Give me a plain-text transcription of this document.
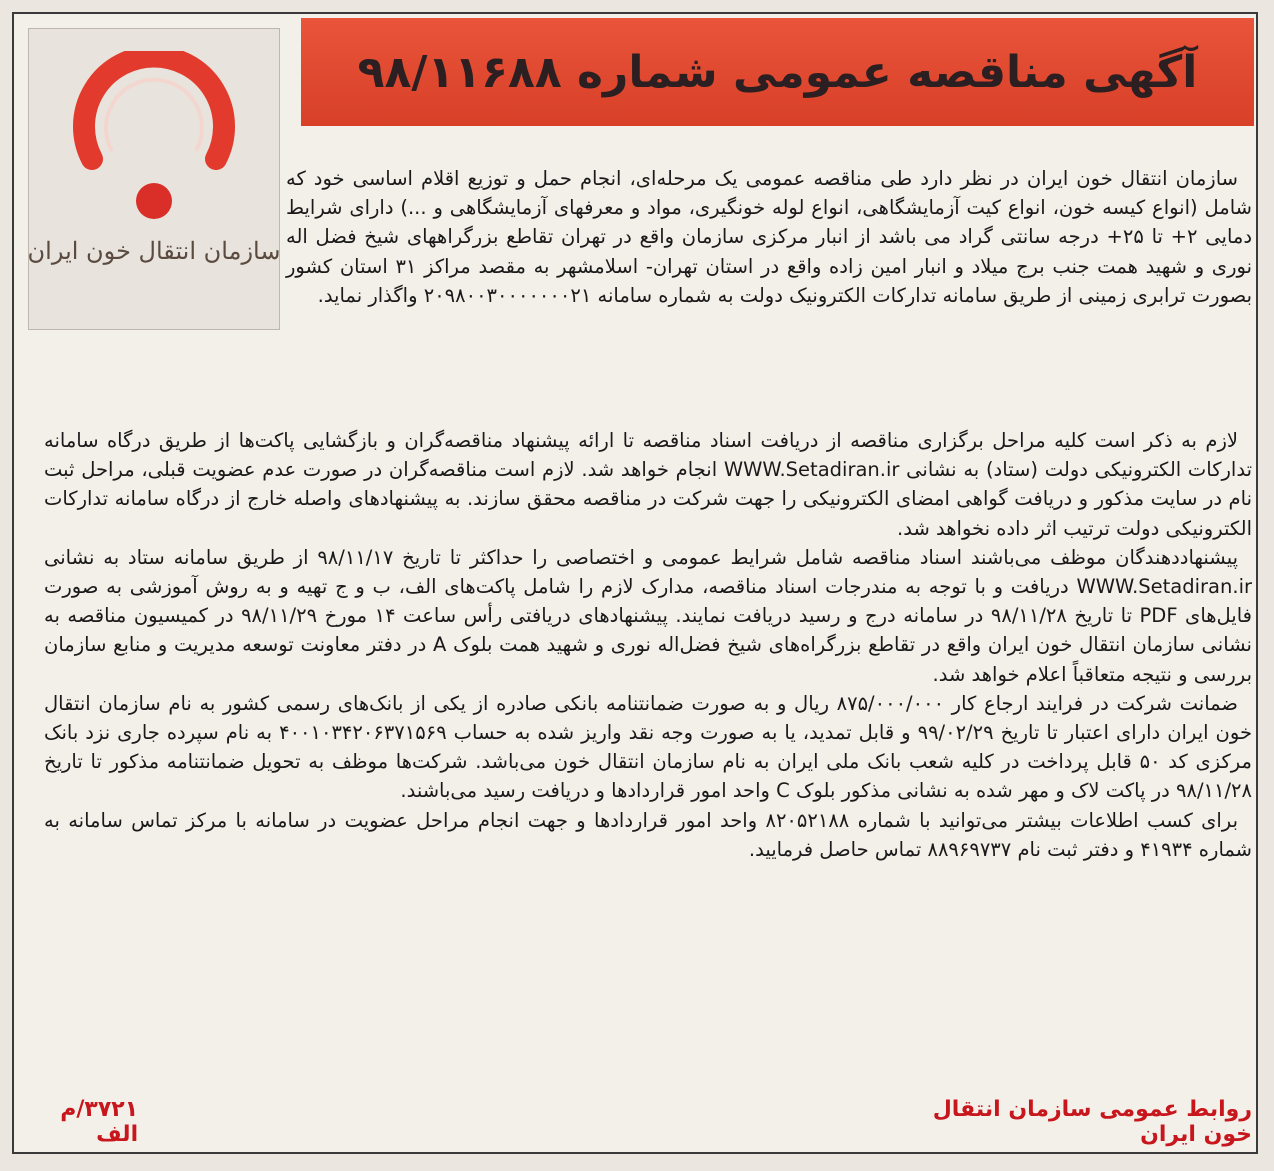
آگهی مناقصه عمومی شماره ۹۸/۱۱۶۸۸
سازمان انتقال خون ایران

سازمان انتقال خون ایران در نظر دارد طی مناقصه عمومی یک مرحله‌ای، انجام حمل و توزیع اقلام اساسی خود که شامل (انواع کیسه خون، انواع کیت آزمایشگاهی، انواع لوله خونگیری، مواد و معرفهای آزمایشگاهی و ...) دارای شرایط دمایی ۲+ تا ۲۵+ درجه سانتی گراد می باشد از انبار مرکزی سازمان واقع در تهران تقاطع بزرگراههای شیخ فضل اله نوری و شهید همت جنب برج میلاد و انبار امین زاده واقع در استان تهران- اسلامشهر به مقصد مراکز ۳۱ استان کشور بصورت ترابری زمینی از طریق سامانه تدارکات الکترونیک دولت به شماره سامانه ۲۰۹۸۰۰۳۰۰۰۰۰۰۰۲۱ واگذار نماید.

لازم به ذکر است کلیه مراحل برگزاری مناقصه از دریافت اسناد مناقصه تا ارائه پیشنهاد مناقصه‌گران و بازگشایی پاکت‌ها از طریق درگاه سامانه تدارکات الکترونیکی دولت (ستاد) به نشانی WWW.Setadiran.ir انجام خواهد شد. لازم است مناقصه‌گران در صورت عدم عضویت قبلی، مراحل ثبت نام در سایت مذکور و دریافت گواهی امضای الکترونیکی را جهت شرکت در مناقصه محقق سازند. به پیشنهادهای واصله خارج از درگاه سامانه تدارکات الکترونیکی دولت ترتیب اثر داده نخواهد شد.

پیشنهاددهندگان موظف می‌باشند اسناد مناقصه شامل شرایط عمومی و اختصاصی را حداکثر تا تاریخ ۹۸/۱۱/۱۷ از طریق سامانه ستاد به نشانی WWW.Setadiran.ir دریافت و با توجه به مندرجات اسناد مناقصه، مدارک لازم را شامل پاکت‌های الف، ب و ج تهیه و به روش آموزشی به صورت فایل‌های PDF تا تاریخ ۹۸/۱۱/۲۸ در سامانه درج و رسید دریافت نمایند. پیشنهادهای دریافتی رأس ساعت ۱۴ مورخ ۹۸/۱۱/۲۹ در کمیسیون مناقصه به نشانی سازمان انتقال خون ایران واقع در تقاطع بزرگراه‌های شیخ فضل‌اله نوری و شهید همت بلوک A در دفتر معاونت توسعه مدیریت و منابع سازمان بررسی و نتیجه متعاقباً اعلام خواهد شد.

ضمانت شرکت در فرایند ارجاع کار ۸۷۵/۰۰۰/۰۰۰ ریال و به صورت ضمانتنامه بانکی صادره از یکی از بانک‌های رسمی کشور به نام سازمان انتقال خون ایران دارای اعتبار تا تاریخ ۹۹/۰۲/۲۹ و قابل تمدید، یا به صورت وجه نقد واریز شده به حساب ۴۰۰۱۰۳۴۲۰۶۳۷۱۵۶۹ به نام سپرده جاری نزد بانک مرکزی کد ۵۰ قابل پرداخت در کلیه شعب بانک ملی ایران به نام سازمان انتقال خون می‌باشد. شرکت‌ها موظف به تحویل ضمانتنامه مذکور تا تاریخ ۹۸/۱۱/۲۸ در پاکت لاک و مهر شده به نشانی مذکور بلوک C واحد امور قراردادها و دریافت رسید می‌باشند.

برای کسب اطلاعات بیشتر می‌توانید با شماره ۸۲۰۵۲۱۸۸ واحد امور قراردادها و جهت انجام مراحل عضویت در سامانه با مرکز تماس سامانه به شماره ۴۱۹۳۴ و دفتر ثبت نام ۸۸۹۶۹۷۳۷ تماس حاصل فرمایید.

روابط عمومی سازمان انتقال خون ایران
۳۷۲۱/م الف
